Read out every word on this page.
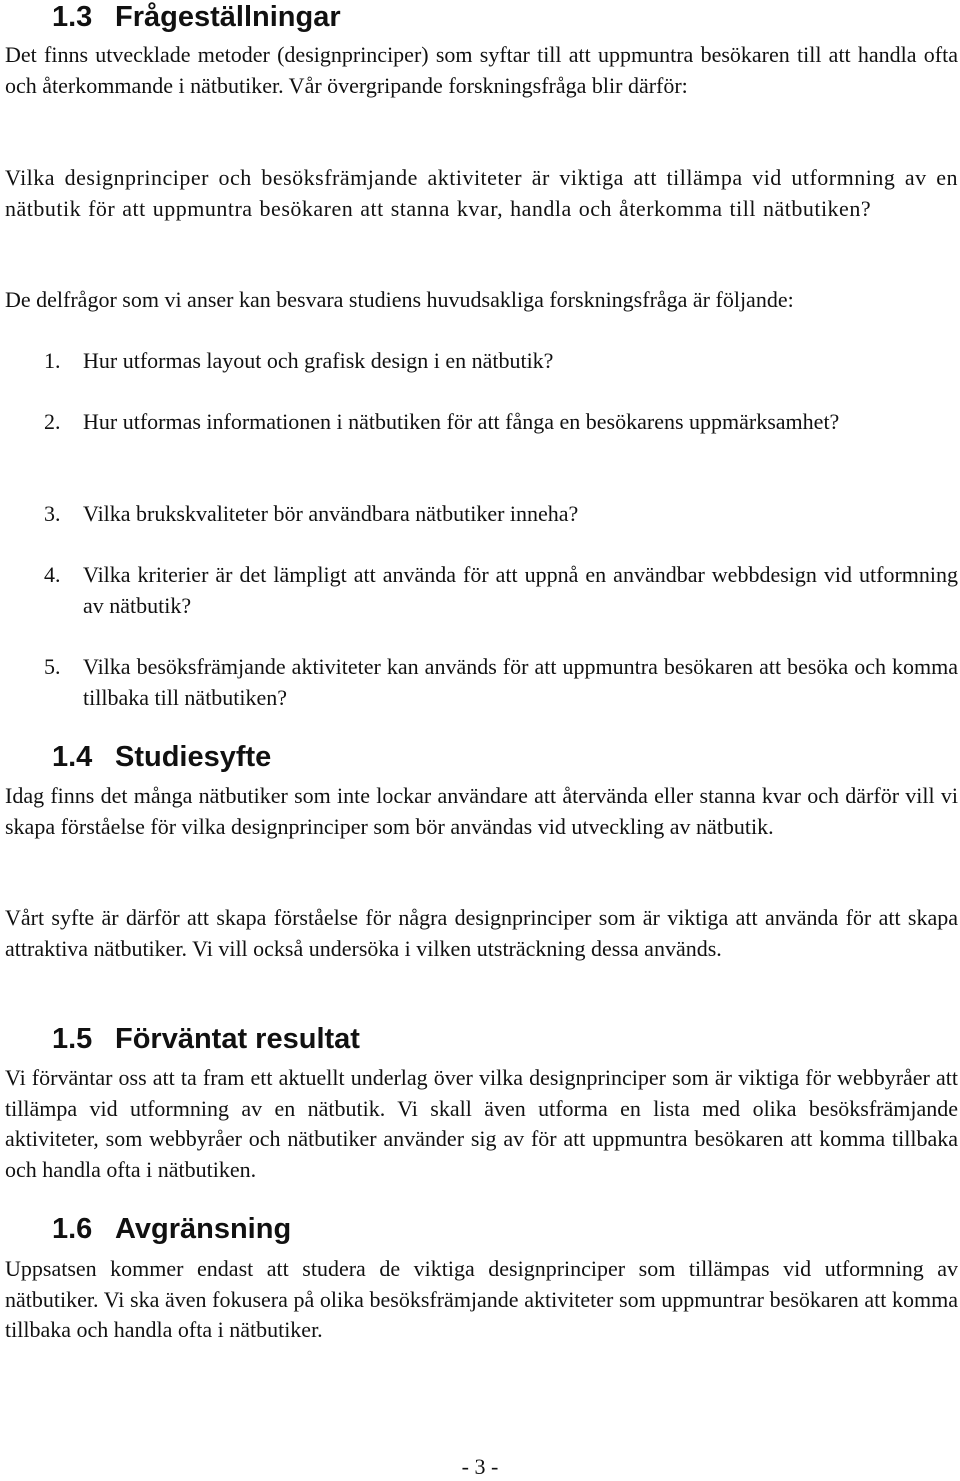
1.3 Frågeställningar

Det finns utvecklade metoder (designprinciper) som syftar till att uppmuntra besökaren till att handla ofta och återkommande i nätbutiker. Vår övergripande forskningsfråga blir därför:

Vilka designprinciper och besöksfrämjande aktiviteter är viktiga att tillämpa vid utformning av en nätbutik för att uppmuntra besökaren att stanna kvar, handla och återkomma till nätbutiken?

De delfrågor som vi anser kan besvara studiens huvudsakliga forskningsfråga är följande:

1. Hur utformas layout och grafisk design i en nätbutik?
2. Hur utformas informationen i nätbutiken för att fånga en besökarens uppmärksamhet?
3. Vilka brukskvaliteter bör användbara nätbutiker inneha?
4. Vilka kriterier är det lämpligt att använda för att uppnå en användbar webbdesign vid utformning av nätbutik?
5. Vilka besöksfrämjande aktiviteter kan används för att uppmuntra besökaren att besöka och komma tillbaka till nätbutiken?
1.4 Studiesyfte

Idag finns det många nätbutiker som inte lockar användare att återvända eller stanna kvar och därför vill vi skapa förståelse för vilka designprinciper som bör användas vid utveckling av nätbutik.

Vårt syfte är därför att skapa förståelse för några designprinciper som är viktiga att använda för att skapa attraktiva nätbutiker. Vi vill också undersöka i vilken utsträckning dessa används.

1.5 Förväntat resultat

Vi förväntar oss att ta fram ett aktuellt underlag över vilka designprinciper som är viktiga för webbyråer att tillämpa vid utformning av en nätbutik. Vi skall även utforma en lista med olika besöksfrämjande aktiviteter, som webbyråer och nätbutiker använder sig av för att uppmuntra besökaren att komma tillbaka och handla ofta i nätbutiken.

1.6 Avgränsning

Uppsatsen kommer endast att studera de viktiga designprinciper som tillämpas vid utformning av nätbutiker. Vi ska även fokusera på olika besöksfrämjande aktiviteter som uppmuntrar besökaren att komma tillbaka och handla ofta i nätbutiker.

- 3 -
